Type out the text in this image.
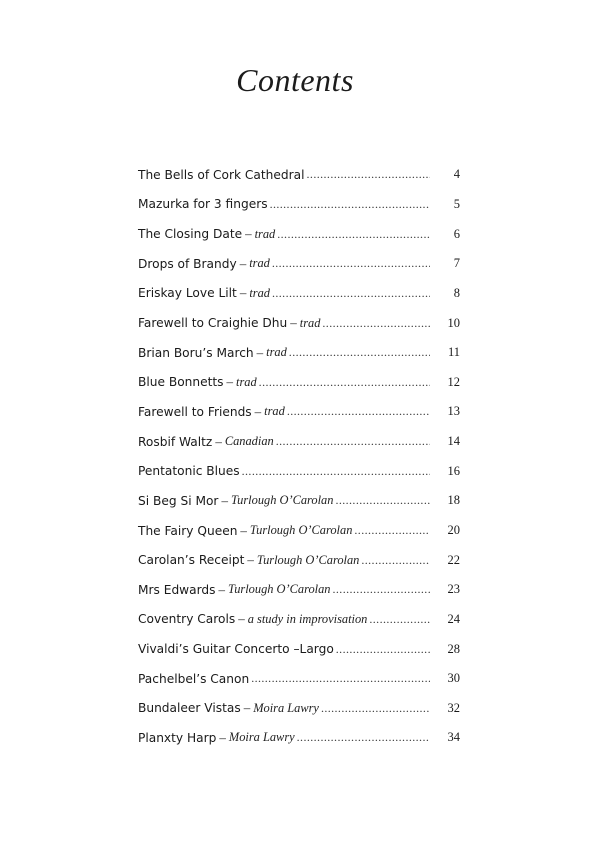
Contents
The Bells of Cork Cathedral .....	4
Mazurka for 3 fingers .....	5
The Closing Date – trad .....	6
Drops of Brandy – trad .....	7
Eriskay Love Lilt – trad .....	8
Farewell to Craighie Dhu – trad .....	10
Brian Boru’s March – trad .....	11
Blue Bonnetts – trad .....	12
Farewell to Friends – trad .....	13
Rosbif Waltz – Canadian .....	14
Pentatonic Blues .....	16
Si Beg Si Mor – Turlough O’Carolan .....	18
The Fairy Queen – Turlough O’Carolan .....	20
Carolan’s Receipt – Turlough O’Carolan .....	22
Mrs Edwards – Turlough O’Carolan .....	23
Coventry Carols – a study in improvisation .....	24
Vivaldi’s Guitar Concerto –Largo .....	28
Pachelbel’s Canon .....	30
Bundaleer Vistas – Moira Lawry .....	32
Planxty Harp – Moira Lawry .....	34
